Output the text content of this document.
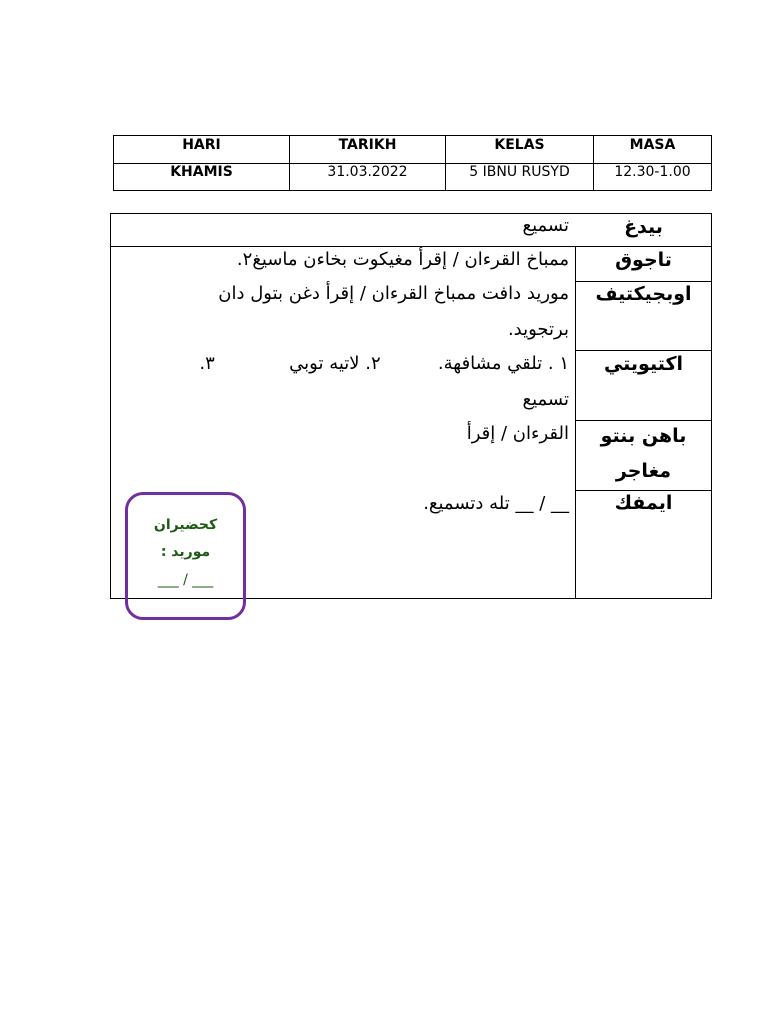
HARI
KHAMIS
TARIKH
31.03.2022
KELAS
5 IBNU RUSYD
MASA
12.30-1.00
بيدغ
تسميع
تاجوق
ممباخ القرءان / إقرأ مغيكوت بخاءن ماسيغ٢.
اوبجيكتيف
موريد دافت ممباخ القرءان / إقرأ دغن بتول دان
برتجويد.
اكتيويتي
١ . تلقي مشافهة.          ٢. لاتيه توبي             ٣.
تسميع
باهن بنتو مغاجر
القرءان / إقرأ
ايمفك
__ / __ تله دتسميع.
كحضيران
موريد :
___ / ___
